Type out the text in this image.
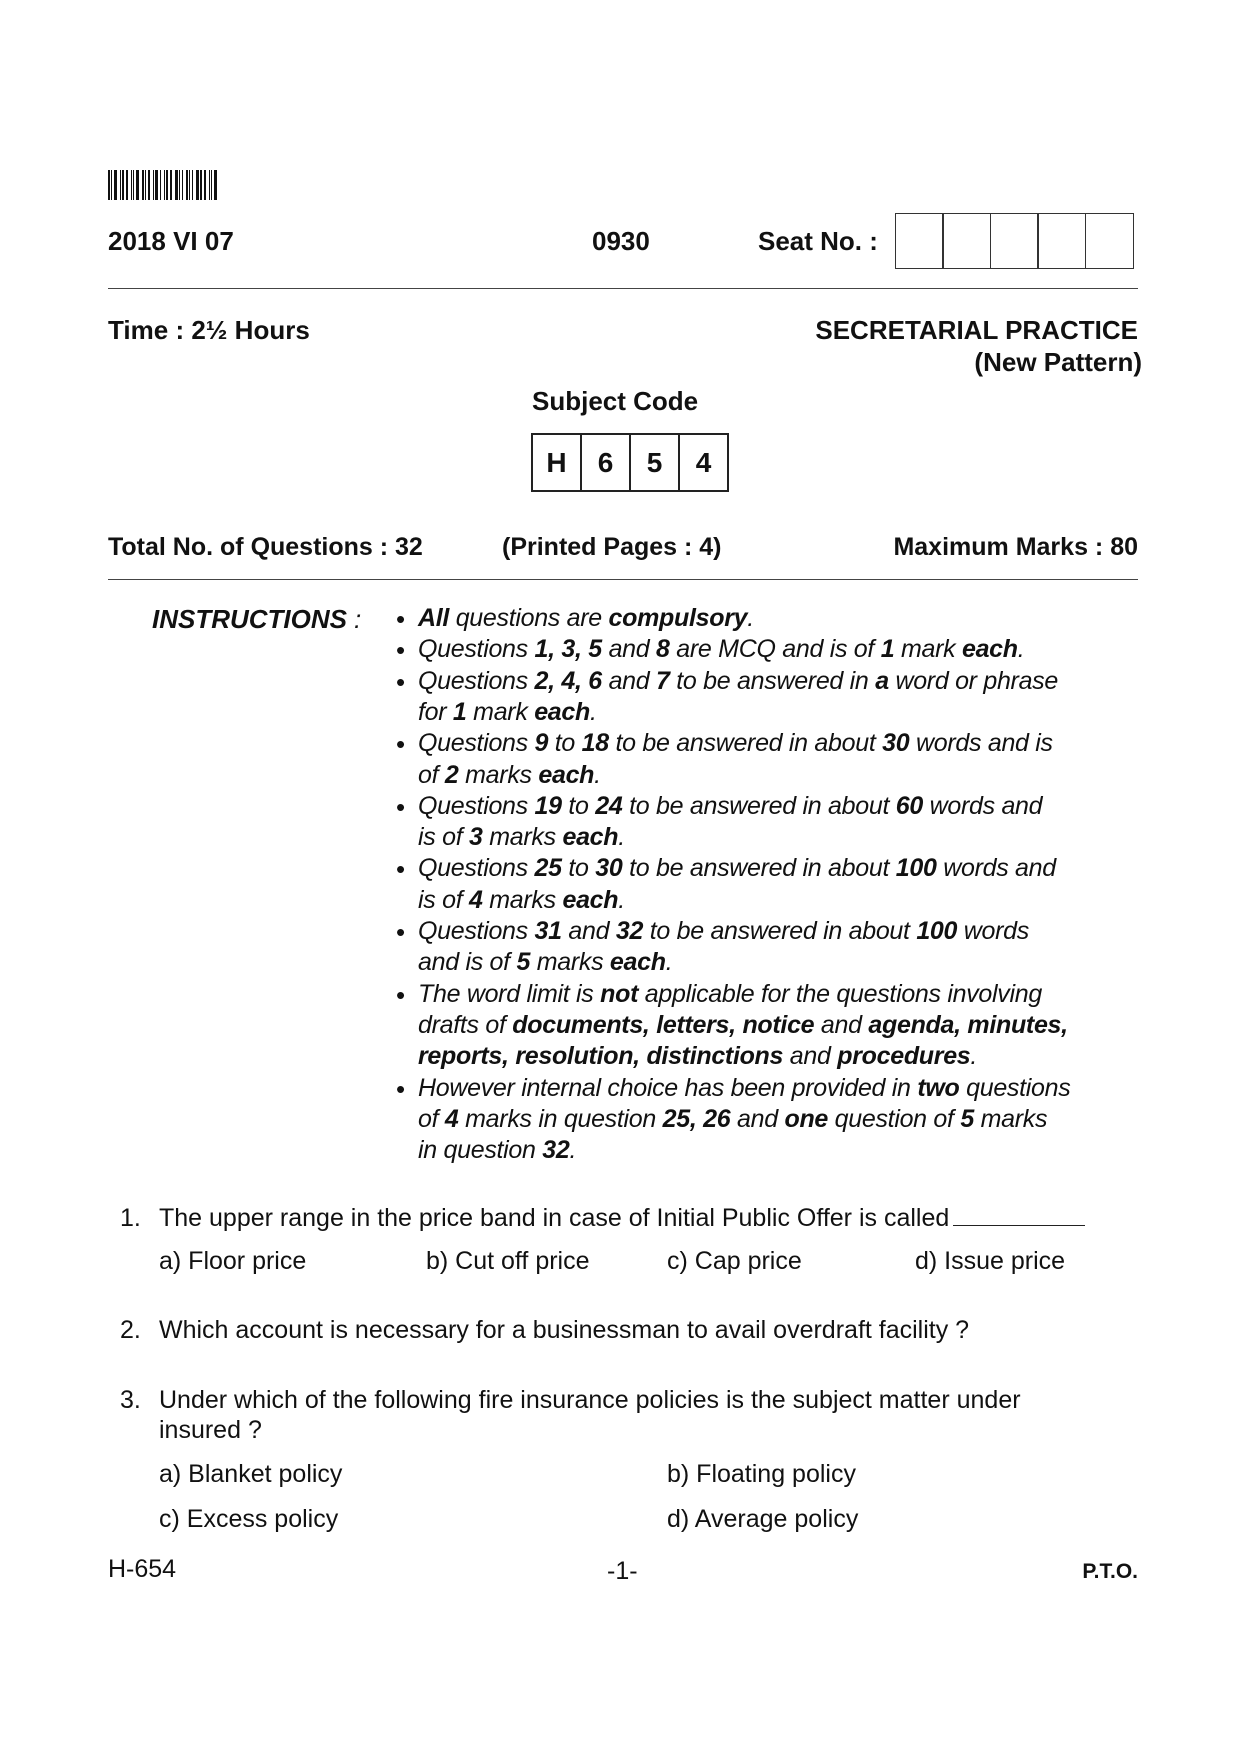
2018 VI 07	0930	Seat No. :
Time : 2½ Hours	SECRETARIAL PRACTICE
(New Pattern)
Subject Code
H	6	5	4
Total No. of Questions : 32	(Printed Pages : 4)	Maximum Marks : 80
INSTRUCTIONS : • All questions are compulsory.
• Questions 1, 3, 5 and 8 are MCQ and is of 1 mark each.
• Questions 2, 4, 6 and 7 to be answered in a word or phrase
for 1 mark each.
• Questions 9 to 18 to be answered in about 30 words and is
of 2 marks each.
• Questions 19 to 24 to be answered in about 60 words and
is of 3 marks each.
• Questions 25 to 30 to be answered in about 100 words and
is of 4 marks each.
• Questions 31 and 32 to be answered in about 100 words
and is of 5 marks each.
• The word limit is not applicable for the questions involving
drafts of documents, letters, notice and agenda, minutes,
reports, resolution, distinctions and procedures.
• However internal choice has been provided in two questions
of 4 marks in question 25, 26 and one question of 5 marks
in question 32.
1. The upper range in the price band in case of Initial Public Offer is called
a) Floor price	b) Cut off price	c) Cap price	d) Issue price
2. Which account is necessary for a businessman to avail overdraft facility ?
3. Under which of the following fire insurance policies is the subject matter under
insured ?
a) Blanket policy	b) Floating policy
c) Excess policy	d) Average policy
H-654	-1-	P.T.O.
